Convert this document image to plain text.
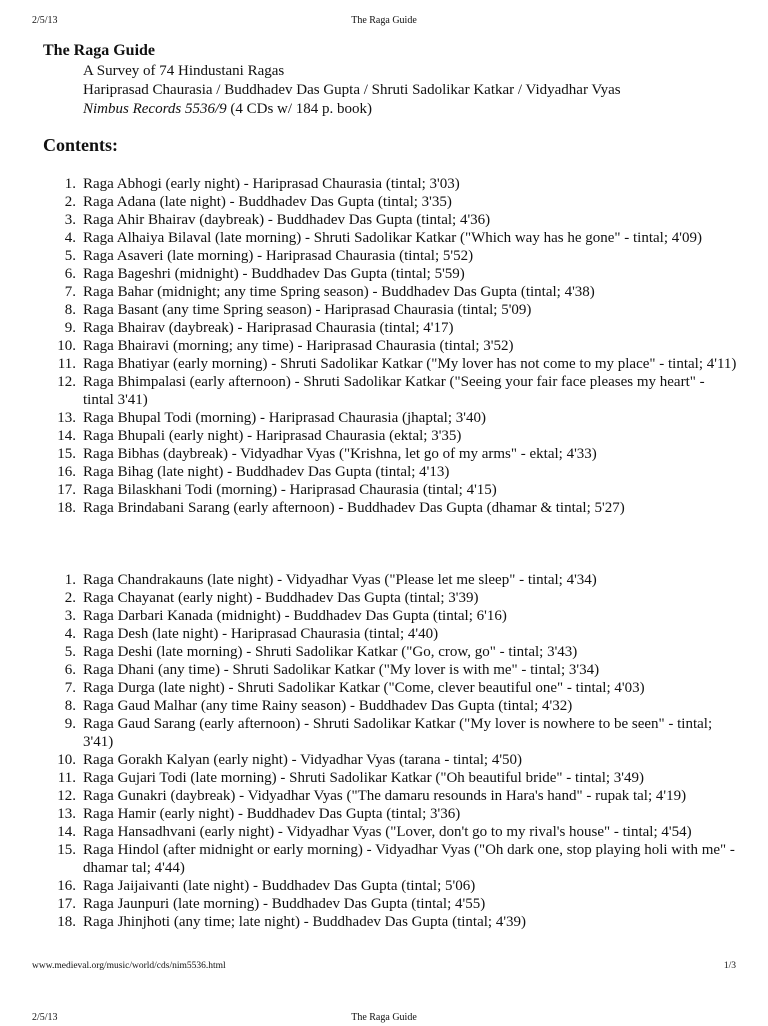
2/5/13	The Raga Guide
The Raga Guide
A Survey of 74 Hindustani Ragas
Hariprasad Chaurasia / Buddhadev Das Gupta / Shruti Sadolikar Katkar / Vidyadhar Vyas
Nimbus Records 5536/9 (4 CDs w/ 184 p. book)
Contents:
1. Raga Abhogi (early night) - Hariprasad Chaurasia (tintal; 3'03)
2. Raga Adana (late night) - Buddhadev Das Gupta (tintal; 3'35)
3. Raga Ahir Bhairav (daybreak) - Buddhadev Das Gupta (tintal; 4'36)
4. Raga Alhaiya Bilaval (late morning) - Shruti Sadolikar Katkar ("Which way has he gone" - tintal; 4'09)
5. Raga Asaveri (late morning) - Hariprasad Chaurasia (tintal; 5'52)
6. Raga Bageshri (midnight) - Buddhadev Das Gupta (tintal; 5'59)
7. Raga Bahar (midnight; any time Spring season) - Buddhadev Das Gupta (tintal; 4'38)
8. Raga Basant (any time Spring season) - Hariprasad Chaurasia (tintal; 5'09)
9. Raga Bhairav (daybreak) - Hariprasad Chaurasia (tintal; 4'17)
10. Raga Bhairavi (morning; any time) - Hariprasad Chaurasia (tintal; 3'52)
11. Raga Bhatiyar (early morning) - Shruti Sadolikar Katkar ("My lover has not come to my place" - tintal; 4'11)
12. Raga Bhimpalasi (early afternoon) - Shruti Sadolikar Katkar ("Seeing your fair face pleases my heart" - tintal 3'41)
13. Raga Bhupal Todi (morning) - Hariprasad Chaurasia (jhaptal; 3'40)
14. Raga Bhupali (early night) - Hariprasad Chaurasia (ektal; 3'35)
15. Raga Bibhas (daybreak) - Vidyadhar Vyas ("Krishna, let go of my arms" - ektal; 4'33)
16. Raga Bihag (late night) - Buddhadev Das Gupta (tintal; 4'13)
17. Raga Bilaskhani Todi (morning) - Hariprasad Chaurasia (tintal; 4'15)
18. Raga Brindabani Sarang (early afternoon) - Buddhadev Das Gupta (dhamar & tintal; 5'27)
1. Raga Chandrakauns (late night) - Vidyadhar Vyas ("Please let me sleep" - tintal; 4'34)
2. Raga Chayanat (early night) - Buddhadev Das Gupta (tintal; 3'39)
3. Raga Darbari Kanada (midnight) - Buddhadev Das Gupta (tintal; 6'16)
4. Raga Desh (late night) - Hariprasad Chaurasia (tintal; 4'40)
5. Raga Deshi (late morning) - Shruti Sadolikar Katkar ("Go, crow, go" - tintal; 3'43)
6. Raga Dhani (any time) - Shruti Sadolikar Katkar ("My lover is with me" - tintal; 3'34)
7. Raga Durga (late night) - Shruti Sadolikar Katkar ("Come, clever beautiful one" - tintal; 4'03)
8. Raga Gaud Malhar (any time Rainy season) - Buddhadev Das Gupta (tintal; 4'32)
9. Raga Gaud Sarang (early afternoon) - Shruti Sadolikar Katkar ("My lover is nowhere to be seen" - tintal; 3'41)
10. Raga Gorakh Kalyan (early night) - Vidyadhar Vyas (tarana - tintal; 4'50)
11. Raga Gujari Todi (late morning) - Shruti Sadolikar Katkar ("Oh beautiful bride" - tintal; 3'49)
12. Raga Gunakri (daybreak) - Vidyadhar Vyas ("The damaru resounds in Hara's hand" - rupak tal; 4'19)
13. Raga Hamir (early night) - Buddhadev Das Gupta (tintal; 3'36)
14. Raga Hansadhvani (early night) - Vidyadhar Vyas ("Lover, don't go to my rival's house" - tintal; 4'54)
15. Raga Hindol (after midnight or early morning) - Vidyadhar Vyas ("Oh dark one, stop playing holi with me" - dhamar tal; 4'44)
16. Raga Jaijaivanti (late night) - Buddhadev Das Gupta (tintal; 5'06)
17. Raga Jaunpuri (late morning) - Buddhadev Das Gupta (tintal; 4'55)
18. Raga Jhinjhoti (any time; late night) - Buddhadev Das Gupta (tintal; 4'39)
www.medieval.org/music/world/cds/nim5536.html	1/3
2/5/13	The Raga Guide
